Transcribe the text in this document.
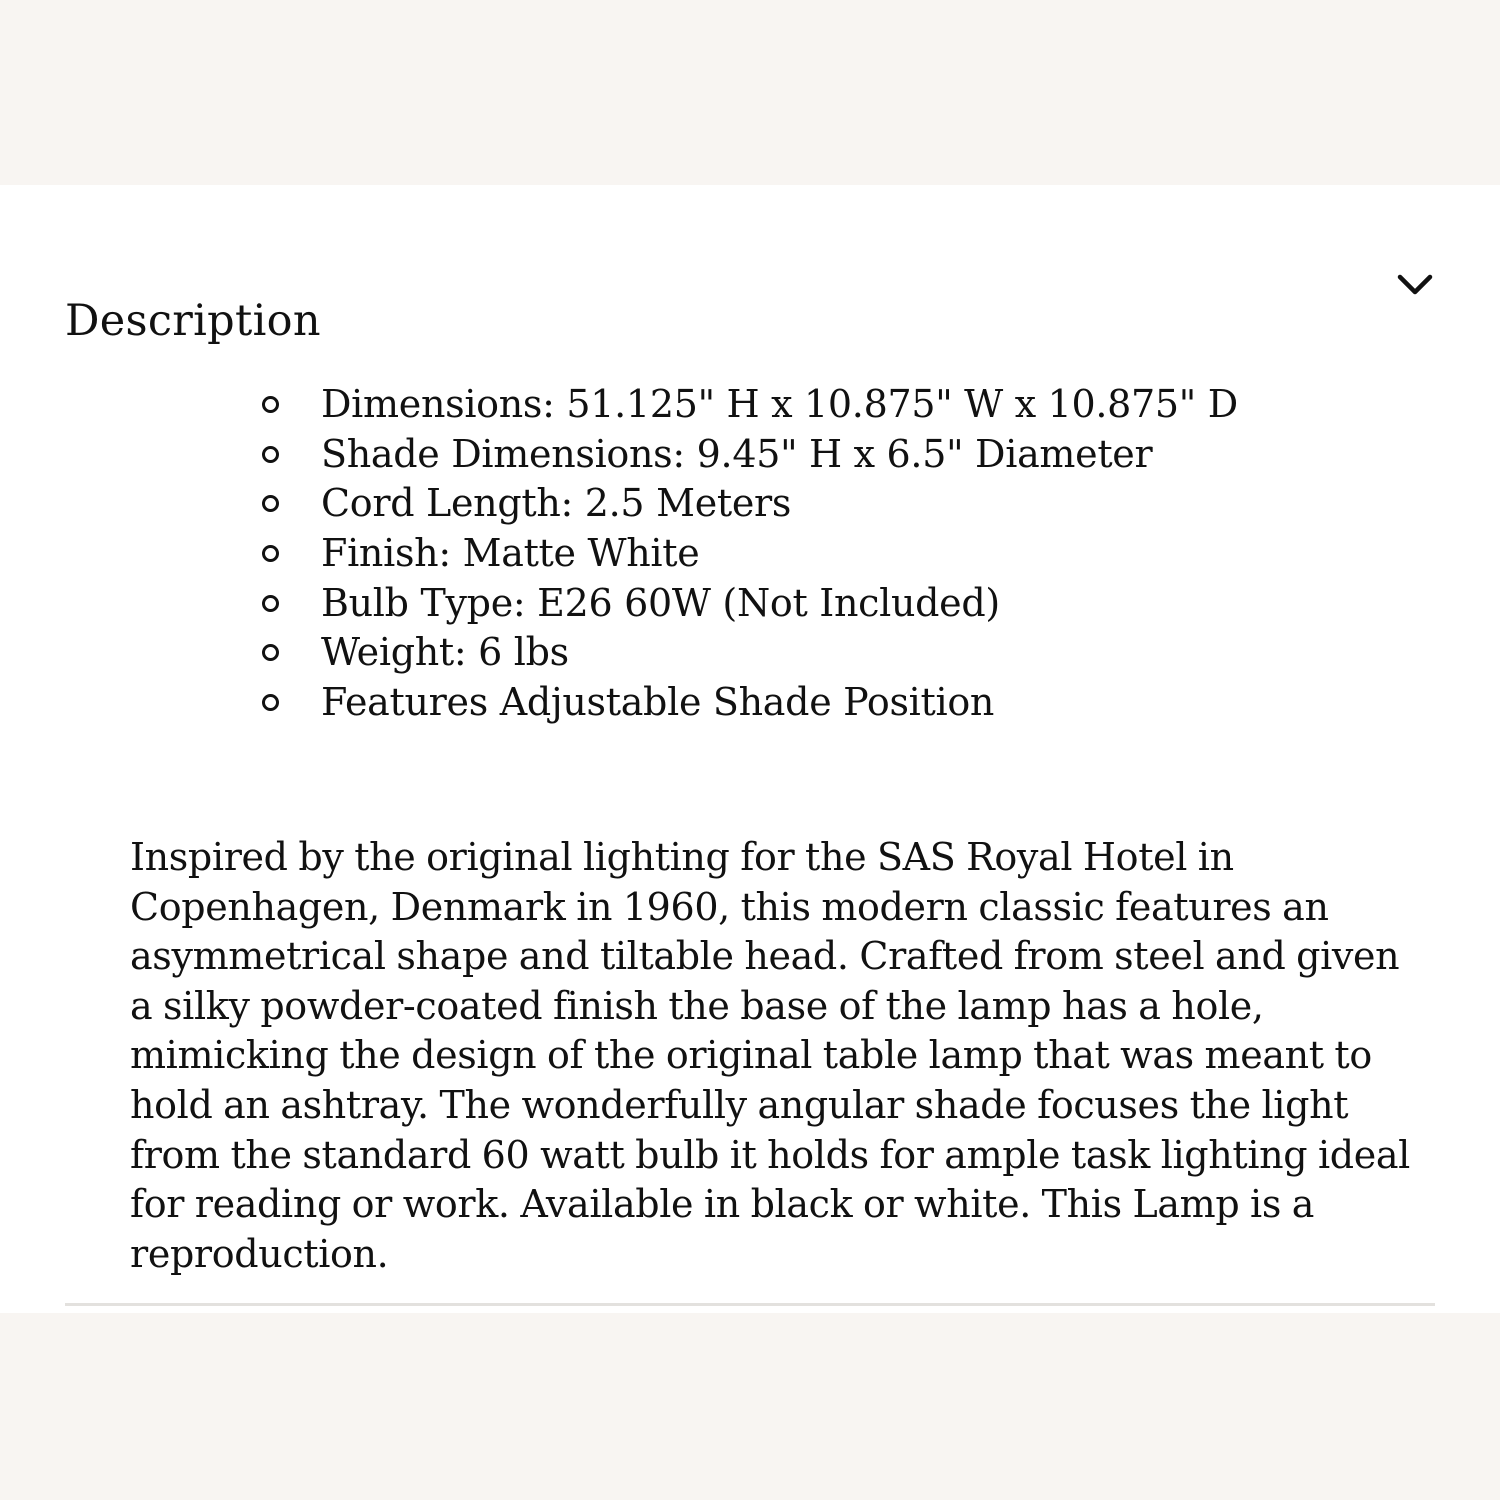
Description
Dimensions: 51.125" H x 10.875" W x 10.875" D
Shade Dimensions: 9.45" H x 6.5" Diameter
Cord Length: 2.5 Meters
Finish: Matte White
Bulb Type: E26 60W (Not Included)
Weight: 6 lbs
Features Adjustable Shade Position

Inspired by the original lighting for the SAS Royal Hotel in Copenhagen, Denmark in 1960, this modern classic features an asymmetrical shape and tiltable head. Crafted from steel and given a silky powder-coated finish the base of the lamp has a hole, mimicking the design of the original table lamp that was meant to hold an ashtray. The wonderfully angular shade focuses the light from the standard 60 watt bulb it holds for ample task lighting ideal for reading or work. Available in black or white. This Lamp is a reproduction.
